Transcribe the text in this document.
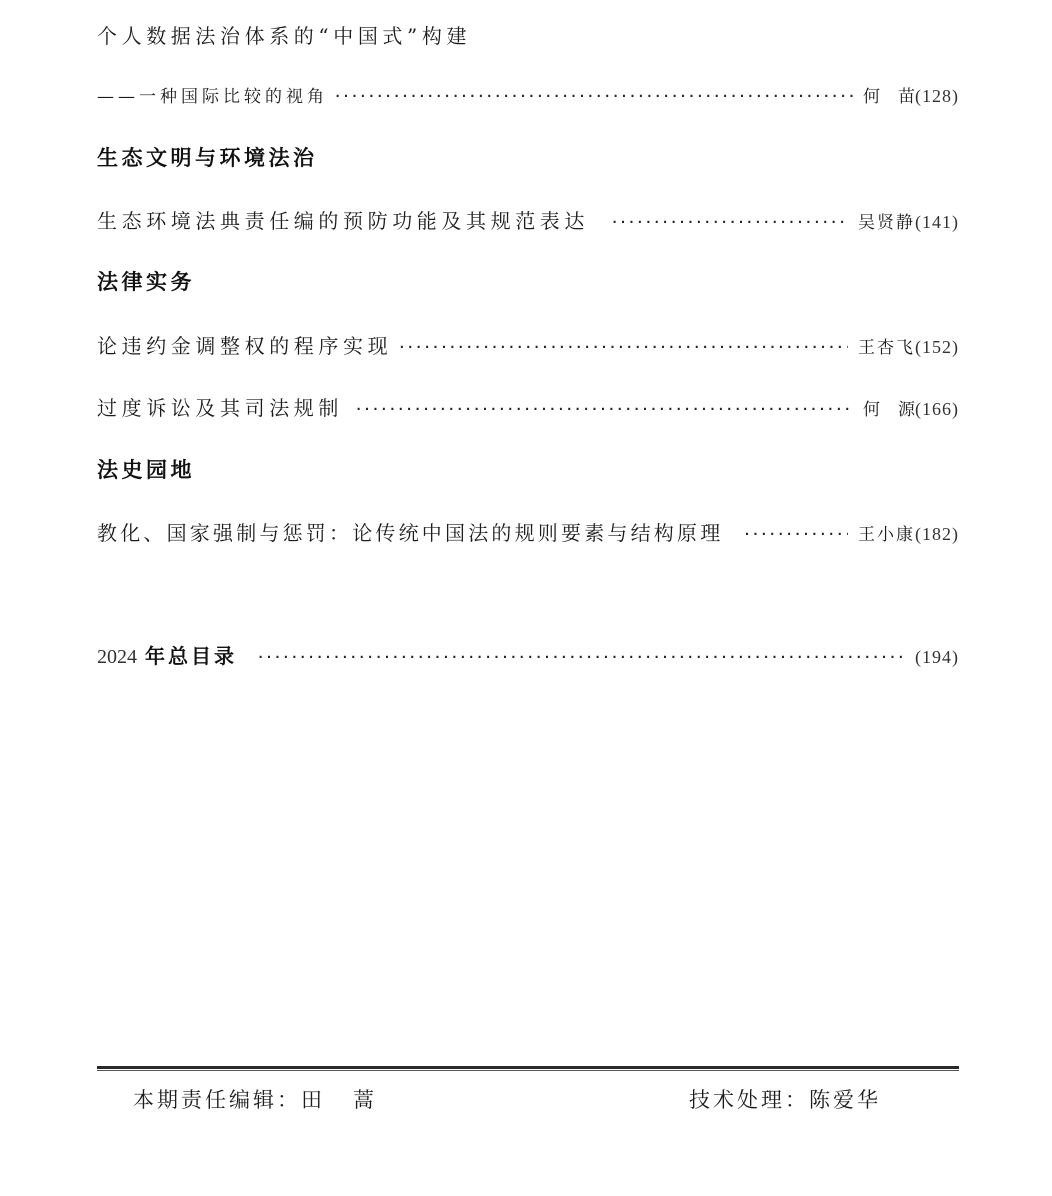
个人数据法治体系的“中国式”构建
——一种国际比较的视角 ·····	何 苗 (128)
生态文明与环境法治
生态环境法典责任编的预防功能及其规范表达 ·····	吴贤静 (141)
法律实务
论违约金调整权的程序实现 ·····	王杏飞 (152)
过度诉讼及其司法规制 ·····	何 源 (166)
法史园地
教化、国家强制与惩罚：论传统中国法的规则要素与结构原理 ·····	王小康 (182)
2024 年总目录 ·····	(194)
本期责任编辑：田 蒿	技术处理：陈爱华
